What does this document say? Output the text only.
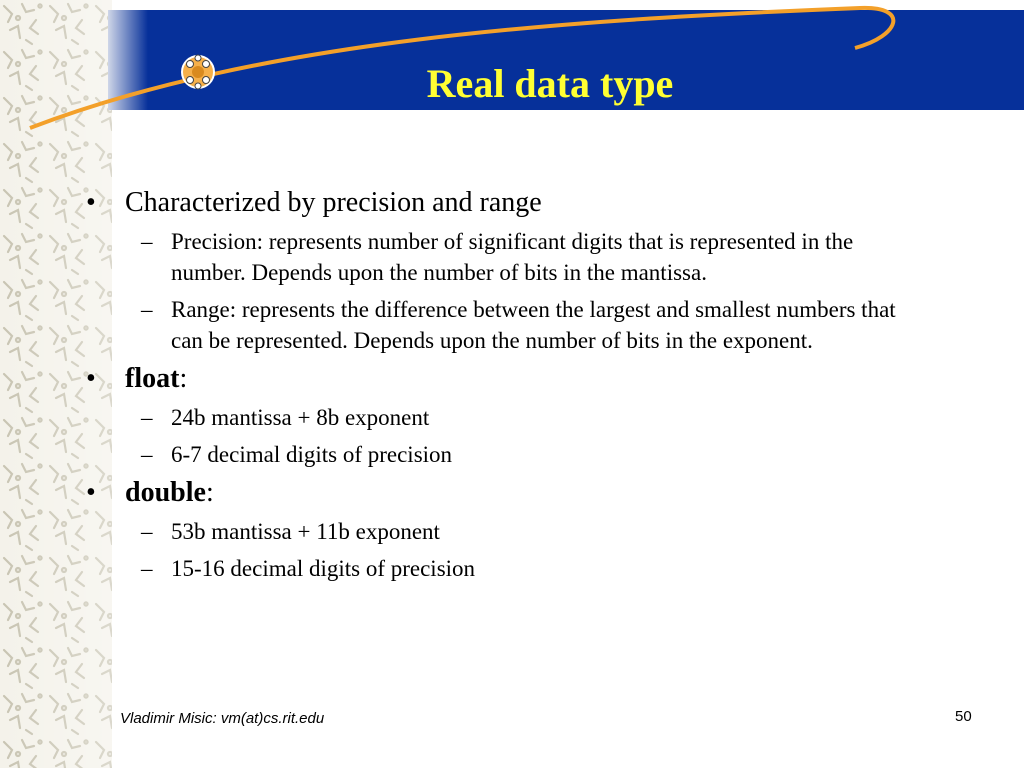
Real data type
•	Characterized by precision and range
– Precision: represents number of significant digits that is represented in the number. Depends upon the number of bits in the mantissa.
– Range: represents the difference between the largest and smallest numbers that can be represented. Depends upon the number of bits in the exponent.
•	float:
– 24b mantissa + 8b exponent
– 6-7 decimal digits of precision
•	double:
– 53b mantissa + 11b exponent
– 15-16 decimal digits of precision
Vladimir Misic: vm(at)cs.rit.edu	50
